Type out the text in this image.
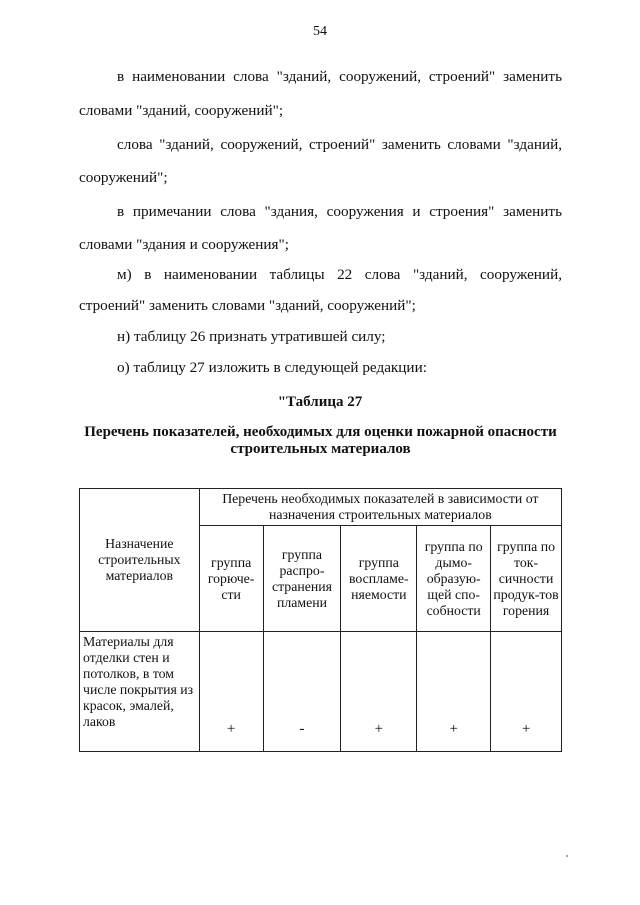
54
в наименовании слова "зданий, сооружений, строений" заменить
словами "зданий, сооружений";
слова "зданий, сооружений, строений" заменить словами "зданий,
сооружений";
в примечании слова "здания, сооружения и строения" заменить
словами "здания и сооружения";
м) в наименовании таблицы 22 слова "зданий, сооружений,
строений" заменить словами "зданий, сооружений";
н) таблицу 26 признать утратившей силу;
о) таблицу 27 изложить в следующей редакции:
"Таблица 27
Перечень показателей, необходимых для оценки пожарной опасности строительных материалов
Назначение строительных материалов	Перечень необходимых показателей в зависимости от назначения строительных материалов				

	группа горюче-сти	группа распро-странения пламени	группа воспламе-няемости	группа по дымо-образую-щей спо-собности	группа по ток-сичности продук-тов горения

Материалы для отделки стен и потолков, в том числе покрытия из красок, эмалей, лаков	+	-	+	+	+
